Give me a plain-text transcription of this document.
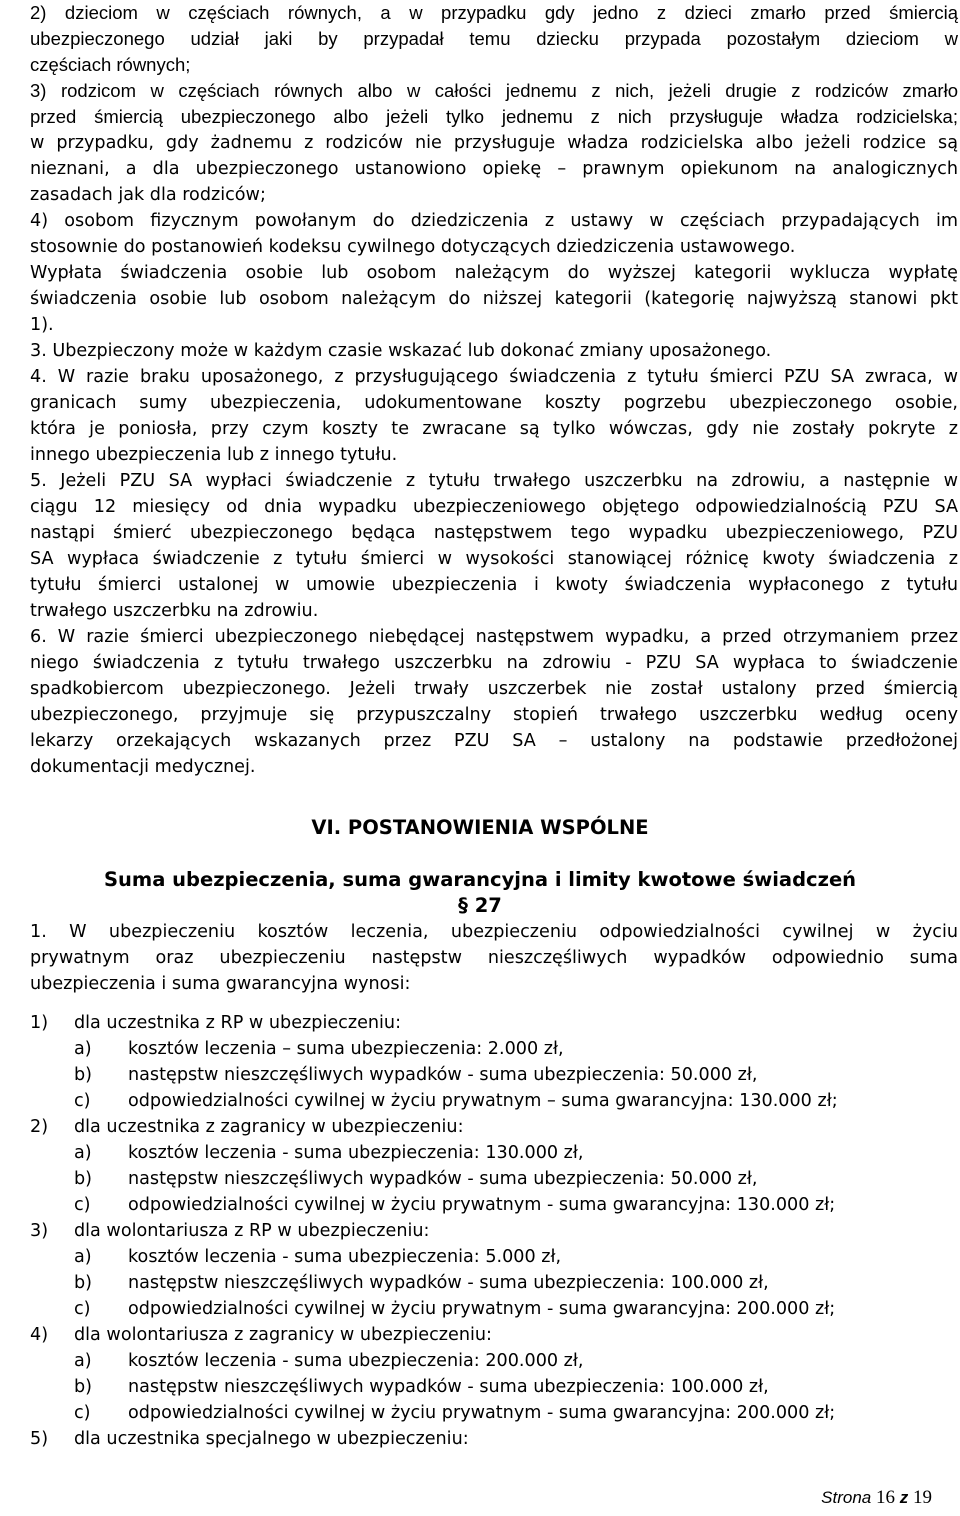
2) dzieciom w częściach równych, a w przypadku gdy jedno z dzieci zmarło przed śmiercią
ubezpieczonego udział jaki by przypadał temu dziecku przypada pozostałym dzieciom w
częściach równych;
3) rodzicom w częściach równych albo w całości jednemu z nich, jeżeli drugie z rodziców zmarło
przed śmiercią ubezpieczonego albo jeżeli tylko jednemu z nich przysługuje władza rodzicielska;
w przypadku, gdy żadnemu z rodziców nie przysługuje władza rodzicielska albo jeżeli rodzice są
nieznani, a dla ubezpieczonego ustanowiono opiekę – prawnym opiekunom na analogicznych
zasadach jak dla rodziców;
4) osobom fizycznym powołanym do dziedziczenia z ustawy w częściach przypadających im
stosownie do postanowień kodeksu cywilnego dotyczących dziedziczenia ustawowego.
Wypłata świadczenia osobie lub osobom należącym do wyższej kategorii wyklucza wypłatę
świadczenia osobie lub osobom należącym do niższej kategorii (kategorię najwyższą stanowi pkt
1).
3. Ubezpieczony może w każdym czasie wskazać lub dokonać zmiany uposażonego.
4. W razie braku uposażonego, z przysługującego świadczenia z tytułu śmierci PZU SA zwraca, w
granicach sumy ubezpieczenia, udokumentowane koszty pogrzebu ubezpieczonego osobie,
która je poniosła, przy czym koszty te zwracane są tylko wówczas, gdy nie zostały pokryte z
innego ubezpieczenia lub z innego tytułu.
5. Jeżeli PZU SA wypłaci świadczenie z tytułu trwałego uszczerbku na zdrowiu, a następnie w
ciągu 12 miesięcy od dnia wypadku ubezpieczeniowego objętego odpowiedzialnością PZU SA
nastąpi śmierć ubezpieczonego będąca następstwem tego wypadku ubezpieczeniowego, PZU
SA wypłaca świadczenie z tytułu śmierci w wysokości stanowiącej różnicę kwoty świadczenia z
tytułu śmierci ustalonej w umowie ubezpieczenia i kwoty świadczenia wypłaconego z tytułu
trwałego uszczerbku na zdrowiu.
6. W razie śmierci ubezpieczonego niebędącej następstwem wypadku, a przed otrzymaniem przez
niego świadczenia z tytułu trwałego uszczerbku na zdrowiu - PZU SA wypłaca to świadczenie
spadkobiercom ubezpieczonego. Jeżeli trwały uszczerbek nie został ustalony przed śmiercią
ubezpieczonego, przyjmuje się przypuszczalny stopień trwałego uszczerbku według oceny
lekarzy orzekających wskazanych przez PZU SA – ustalony na podstawie przedłożonej
dokumentacji medycznej.
VI. POSTANOWIENIA WSPÓLNE
Suma ubezpieczenia, suma gwarancyjna i limity kwotowe świadczeń
§ 27
1. W ubezpieczeniu kosztów leczenia, ubezpieczeniu odpowiedzialności cywilnej w życiu
prywatnym oraz ubezpieczeniu następstw nieszczęśliwych wypadków odpowiednio suma
ubezpieczenia i suma gwarancyjna wynosi:
1) dla uczestnika z RP w ubezpieczeniu:
a) kosztów leczenia – suma ubezpieczenia: 2.000 zł,
b) następstw nieszczęśliwych wypadków - suma ubezpieczenia: 50.000 zł,
c) odpowiedzialności cywilnej w życiu prywatnym – suma gwarancyjna: 130.000 zł;
2) dla uczestnika z zagranicy w ubezpieczeniu:
a) kosztów leczenia - suma ubezpieczenia: 130.000 zł,
b) następstw nieszczęśliwych wypadków - suma ubezpieczenia: 50.000 zł,
c) odpowiedzialności cywilnej w życiu prywatnym - suma gwarancyjna: 130.000 zł;
3) dla wolontariusza z RP w ubezpieczeniu:
a) kosztów leczenia - suma ubezpieczenia: 5.000 zł,
b) następstw nieszczęśliwych wypadków - suma ubezpieczenia: 100.000 zł,
c) odpowiedzialności cywilnej w życiu prywatnym - suma gwarancyjna: 200.000 zł;
4) dla wolontariusza z zagranicy w ubezpieczeniu:
a) kosztów leczenia - suma ubezpieczenia: 200.000 zł,
b) następstw nieszczęśliwych wypadków - suma ubezpieczenia: 100.000 zł,
c) odpowiedzialności cywilnej w życiu prywatnym - suma gwarancyjna: 200.000 zł;
5) dla uczestnika specjalnego w ubezpieczeniu:
Strona 16 z 19
